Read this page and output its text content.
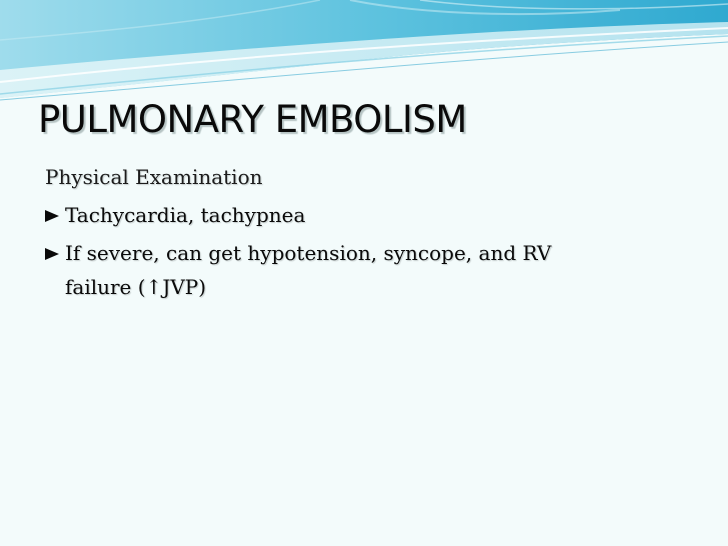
PULMONARY EMBOLISM
Physical Examination
Tachycardia, tachypnea
If severe, can get hypotension, syncope, and RV
failure (↑JVP)
